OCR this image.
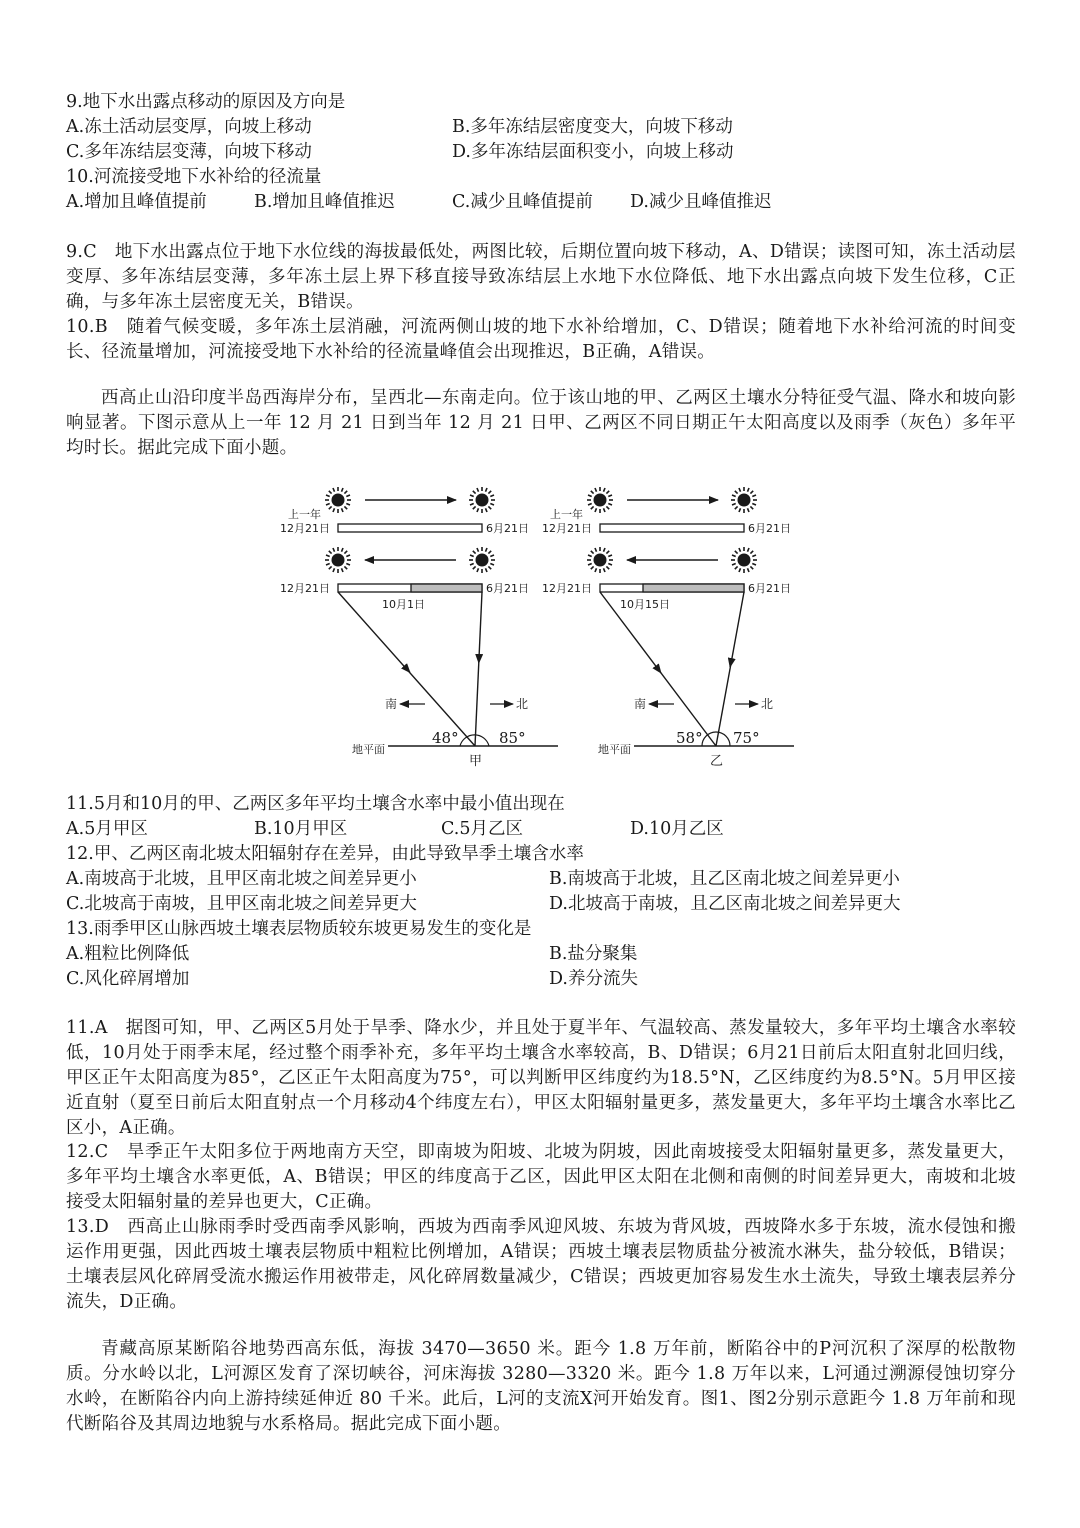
9.地下水出露点移动的原因及方向是
A.冻土活动层变厚，向坡上移动	B.多年冻结层密度变大，向坡下移动
C.多年冻结层变薄，向坡下移动	D.多年冻结层面积变小，向坡上移动
10.河流接受地下水补给的径流量
A.增加且峰值提前	B.增加且峰值推迟	C.减少且峰值提前 D.减少且峰值推迟
9.C　地下水出露点位于地下水位线的海拔最低处，两图比较，后期位置向坡下移动，A、D错误；读图可知，冻土活动层变厚、多年冻结层变薄，多年冻土层上界下移直接导致冻结层上水地下水位降低、地下水出露点向坡下发生位移，C正确，与多年冻土层密度无关，B错误。
10.B　随着气候变暖，多年冻土层消融，河流两侧山坡的地下水补给增加，C、D错误；随着地下水补给河流的时间变长、径流量增加，河流接受地下水补给的径流量峰值会出现推迟，B正确，A错误。
西高止山沿印度半岛西海岸分布，呈西北—东南走向。位于该山地的甲、乙两区土壤水分特征受气温、降水和坡向影响显著。下图示意从上一年 12 月 21 日到当年 12 月 21 日甲、乙两区不同日期正午太阳高度以及雨季（灰色）多年平均时长。据此完成下面小题。
上一年
12月21日	6月21日
12月21日	6月21日
10月1日
南	北
地平面
48°	85°
甲
上一年
12月21日	6月21日
12月21日	6月21日
10月15日
南	北
地平面
58° 75°
乙
11.5月和10月的甲、乙两区多年平均土壤含水率中最小值出现在
A.5月甲区	B.10月甲区	C.5月乙区	D.10月乙区
12.甲、乙两区南北坡太阳辐射存在差异，由此导致旱季土壤含水率
A.南坡高于北坡，且甲区南北坡之间差异更小	B.南坡高于北坡，且乙区南北坡之间差异更小
C.北坡高于南坡，且甲区南北坡之间差异更大	D.北坡高于南坡，且乙区南北坡之间差异更大
13.雨季甲区山脉西坡土壤表层物质较东坡更易发生的变化是
A.粗粒比例降低	B.盐分聚集
C.风化碎屑增加	D.养分流失
11.A　据图可知，甲、乙两区5月处于旱季、降水少，并且处于夏半年、气温较高、蒸发量较大，多年平均土壤含水率较低，10月处于雨季末尾，经过整个雨季补充，多年平均土壤含水率较高，B、D错误；6月21日前后太阳直射北回归线，甲区正午太阳高度为85°，乙区正午太阳高度为75°，可以判断甲区纬度约为18.5°N，乙区纬度约为8.5°N。5月甲区接近直射（夏至日前后太阳直射点一个月移动4个纬度左右），甲区太阳辐射量更多，蒸发量更大，多年平均土壤含水率比乙区小，A正确。
12.C　旱季正午太阳多位于两地南方天空，即南坡为阳坡、北坡为阴坡，因此南坡接受太阳辐射量更多，蒸发量更大，多年平均土壤含水率更低，A、B错误；甲区的纬度高于乙区，因此甲区太阳在北侧和南侧的时间差异更大，南坡和北坡接受太阳辐射量的差异也更大，C正确。
13.D　西高止山脉雨季时受西南季风影响，西坡为西南季风迎风坡、东坡为背风坡，西坡降水多于东坡，流水侵蚀和搬运作用更强，因此西坡土壤表层物质中粗粒比例增加，A错误；西坡土壤表层物质盐分被流水淋失，盐分较低，B错误；土壤表层风化碎屑受流水搬运作用被带走，风化碎屑数量减少，C错误；西坡更加容易发生水土流失，导致土壤表层养分流失，D正确。
青藏高原某断陷谷地势西高东低，海拔 3470—3650 米。距今 1.8 万年前，断陷谷中的P河沉积了深厚的松散物质。分水岭以北，L河源区发育了深切峡谷，河床海拔 3280—3320 米。距今 1.8 万年以来，L河通过溯源侵蚀切穿分水岭，在断陷谷内向上游持续延伸近 80 千米。此后，L河的支流X河开始发育。图1、图2分别示意距今 1.8 万年前和现代断陷谷及其周边地貌与水系格局。据此完成下面小题。
